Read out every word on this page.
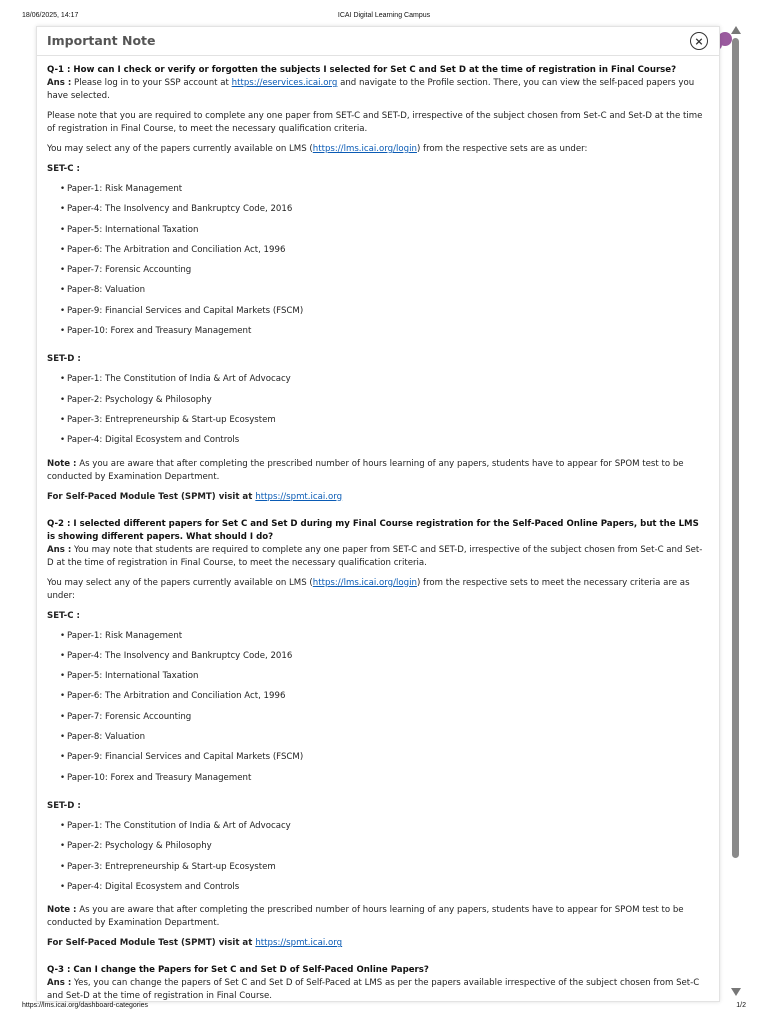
18/06/2025, 14:17	ICAI Digital Learning Campus
Important Note	⨯
Q-1 : How can I check or verify or forgotten the subjects I selected for Set C and Set D at the time of registration in Final Course?
Ans : Please log in to your SSP account at https://eservices.icai.org and navigate to the Profile section. There, you can view the self-paced papers you have selected.

Please note that you are required to complete any one paper from SET-C and SET-D, irrespective of the subject chosen from Set-C and Set-D at the time of registration in Final Course, to meet the necessary qualification criteria.

You may select any of the papers currently available on LMS (https://lms.icai.org/login) from the respective sets are as under:

SET-C :
• Paper-1: Risk Management
• Paper-4: The Insolvency and Bankruptcy Code, 2016
• Paper-5: International Taxation
• Paper-6: The Arbitration and Conciliation Act, 1996
• Paper-7: Forensic Accounting
• Paper-8: Valuation
• Paper-9: Financial Services and Capital Markets (FSCM)
• Paper-10: Forex and Treasury Management
SET-D :
• Paper-1: The Constitution of India & Art of Advocacy
• Paper-2: Psychology & Philosophy
• Paper-3: Entrepreneurship & Start-up Ecosystem
• Paper-4: Digital Ecosystem and Controls

Note : As you are aware that after completing the prescribed number of hours learning of any papers, students have to appear for SPOM test to be conducted by Examination Department.

For Self-Paced Module Test (SPMT) visit at https://spmt.icai.org
Q-2 : I selected different papers for Set C and Set D during my Final Course registration for the Self-Paced Online Papers, but the LMS is showing different papers. What should I do?
Ans : You may note that students are required to complete any one paper from SET-C and SET-D, irrespective of the subject chosen from Set-C and Set-D at the time of registration in Final Course, to meet the necessary qualification criteria.

You may select any of the papers currently available on LMS (https://lms.icai.org/login) from the respective sets to meet the necessary criteria are as under:

SET-C :
• Paper-1: Risk Management
• Paper-4: The Insolvency and Bankruptcy Code, 2016
• Paper-5: International Taxation
• Paper-6: The Arbitration and Conciliation Act, 1996
• Paper-7: Forensic Accounting
• Paper-8: Valuation
• Paper-9: Financial Services and Capital Markets (FSCM)
• Paper-10: Forex and Treasury Management
SET-D :
• Paper-1: The Constitution of India & Art of Advocacy
• Paper-2: Psychology & Philosophy
• Paper-3: Entrepreneurship & Start-up Ecosystem
• Paper-4: Digital Ecosystem and Controls

Note : As you are aware that after completing the prescribed number of hours learning of any papers, students have to appear for SPOM test to be conducted by Examination Department.

For Self-Paced Module Test (SPMT) visit at https://spmt.icai.org
Q-3 : Can I change the Papers for Set C and Set D of Self-Paced Online Papers?
Ans : Yes, you can change the papers of Set C and Set D of Self-Paced at LMS as per the papers available irrespective of the subject chosen from Set-C and Set-D at the time of registration in Final Course.
https://lms.icai.org/dashboard-categories	1/2
